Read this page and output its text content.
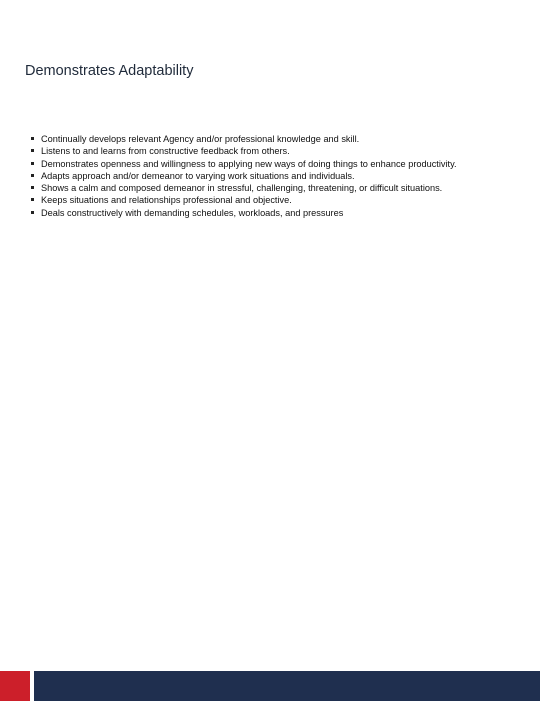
Demonstrates Adaptability
Continually develops relevant Agency and/or professional knowledge and skill.
Listens to and learns from constructive feedback from others.
Demonstrates openness and willingness to applying new ways of doing things to enhance productivity.
Adapts approach and/or demeanor to varying work situations and individuals.
Shows a calm and composed demeanor in stressful, challenging, threatening, or difficult situations.
Keeps situations and relationships professional and objective.
Deals constructively with demanding schedules, workloads, and pressures
